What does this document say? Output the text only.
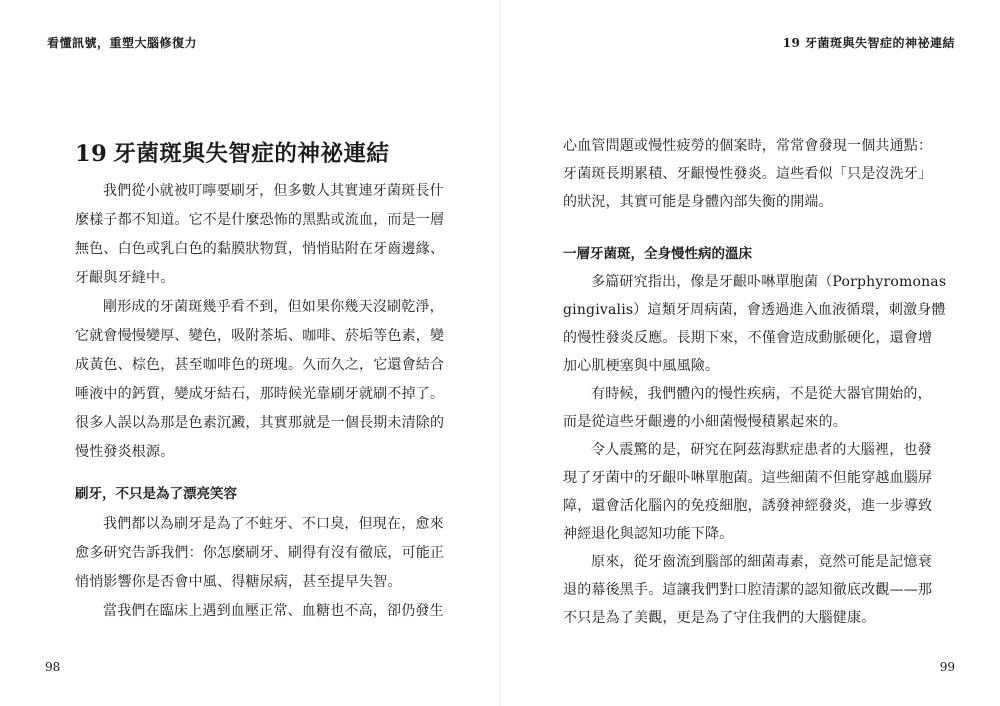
看懂訊號，重塑大腦修復力
19 牙菌斑與失智症的神祕連結
我們從小就被叮嚀要刷牙，但多數人其實連牙菌斑長什
麼樣子都不知道。它不是什麼恐怖的黑點或流血，而是一層
無色、白色或乳白色的黏膜狀物質，悄悄貼附在牙齒邊緣、
牙齦與牙縫中。
剛形成的牙菌斑幾乎看不到，但如果你幾天沒刷乾淨，
它就會慢慢變厚、變色，吸附茶垢、咖啡、菸垢等色素，變
成黃色、棕色，甚至咖啡色的斑塊。久而久之，它還會結合
唾液中的鈣質，變成牙結石，那時候光靠刷牙就刷不掉了。
很多人誤以為那是色素沉澱，其實那就是一個長期未清除的
慢性發炎根源。
刷牙，不只是為了漂亮笑容
我們都以為刷牙是為了不蛀牙、不口臭，但現在，愈來
愈多研究告訴我們：你怎麼刷牙、刷得有沒有徹底，可能正
悄悄影響你是否會中風、得糖尿病，甚至提早失智。
當我們在臨床上遇到血壓正常、血糖也不高，卻仍發生
98
19 牙菌斑與失智症的神祕連結
心血管問題或慢性疲勞的個案時，常常會發現一個共通點：
牙菌斑長期累積、牙齦慢性發炎。這些看似「只是沒洗牙」
的狀況，其實可能是身體內部失衡的開端。
一層牙菌斑，全身慢性病的溫床
多篇研究指出，像是牙齦卟啉單胞菌（Porphyromonas
gingivalis）這類牙周病菌，會透過進入血液循環，刺激身體
的慢性發炎反應。長期下來，不僅會造成動脈硬化，還會增
加心肌梗塞與中風風險。
有時候，我們體內的慢性疾病，不是從大器官開始的，
而是從這些牙齦邊的小細菌慢慢積累起來的。
令人震驚的是，研究在阿茲海默症患者的大腦裡，也發
現了牙菌中的牙齦卟啉單胞菌。這些細菌不但能穿越血腦屏
障，還會活化腦內的免疫細胞，誘發神經發炎，進一步導致
神經退化與認知功能下降。
原來，從牙齒流到腦部的細菌毒素，竟然可能是記憶衰
退的幕後黑手。這讓我們對口腔清潔的認知徹底改觀——那
不只是為了美觀，更是為了守住我們的大腦健康。
99
